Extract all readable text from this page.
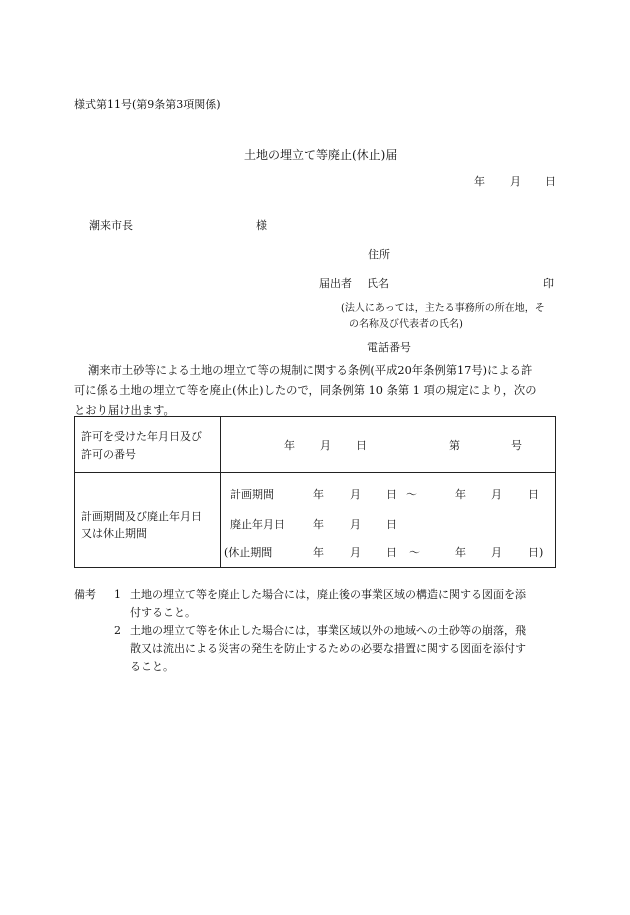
様式第11号(第9条第3項関係)
土地の埋立て等廃止(休止)届
年 月 日
潮来市長	様
住所
届出者 氏名	印
(法人にあっては，主たる事務所の所在地，そ
の名称及び代表者の氏名)
電話番号

潮来市土砂等による土地の埋立て等の規制に関する条例(平成20年条例第17号)による許

可に係る土地の埋立て等を廃止(休止)したので，同条例第 10 条第 1 項の規定により，次の

とおり届け出ます。

許可を受けた年月日及び
許可の番号
年 月 日	第	号
計画期間及び廃止年月日
又は休止期間
計画期間	年 月 日 ～	年 月 日
廃止年月日	年 月 日
(休止期間	年 月 日 ～	年 月 日)
備考 1 土地の埋立て等を廃止した場合には，廃止後の事業区域の構造に関する図面を添
付すること。
2 土地の埋立て等を休止した場合には，事業区域以外の地域への土砂等の崩落，飛
散又は流出による災害の発生を防止するための必要な措置に関する図面を添付す
ること。
